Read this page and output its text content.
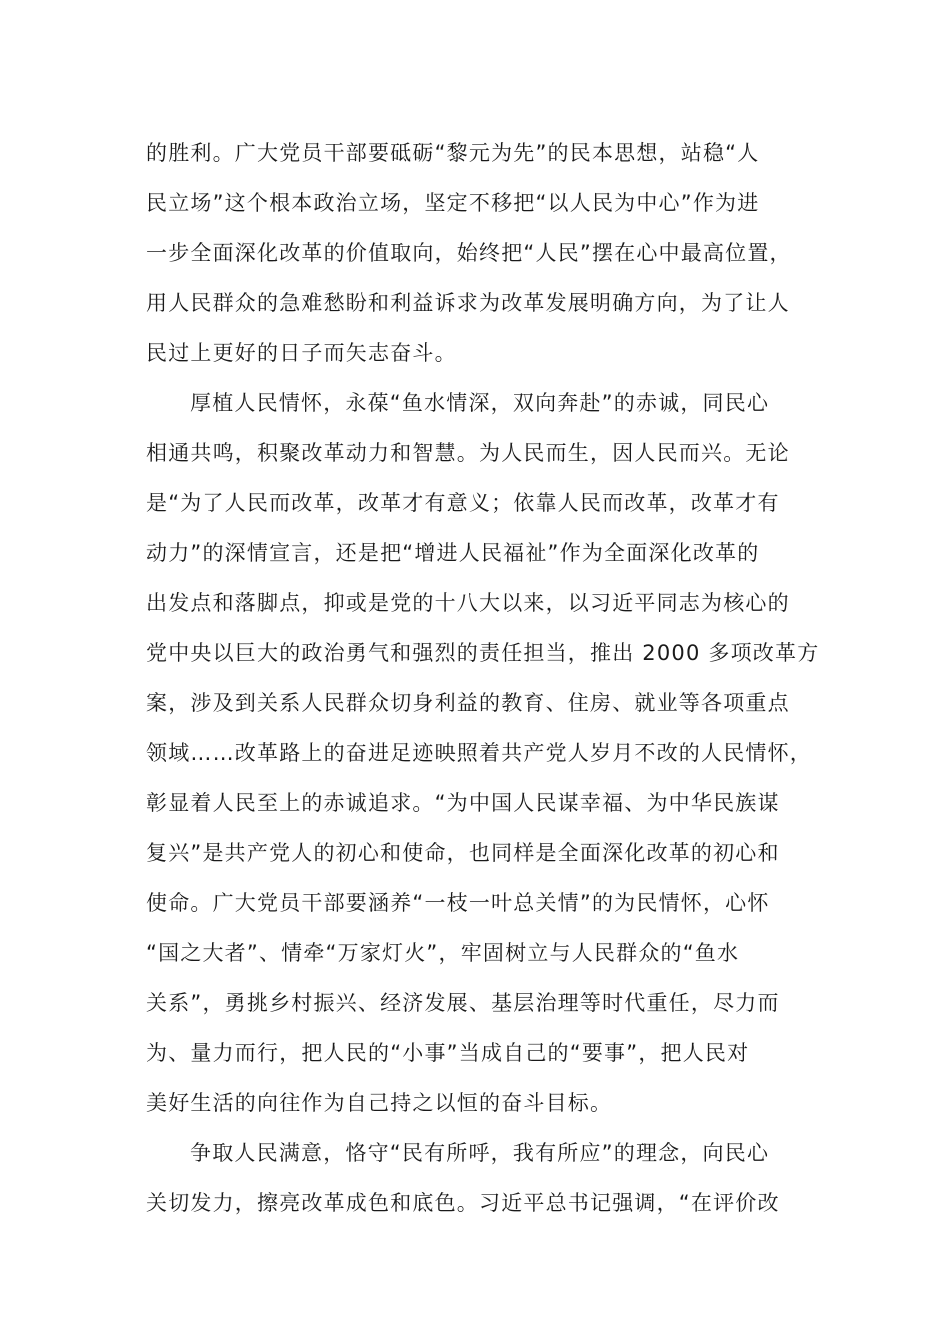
的胜利。广大党员干部要砥砺“黎元为先”的民本思想，站稳“人
民立场”这个根本政治立场，坚定不移把“以人民为中心”作为进
一步全面深化改革的价值取向，始终把“人民”摆在心中最高位置，
用人民群众的急难愁盼和利益诉求为改革发展明确方向，为了让人
民过上更好的日子而矢志奋斗。
厚植人民情怀，永葆“鱼水情深，双向奔赴”的赤诚，同民心
相通共鸣，积聚改革动力和智慧。为人民而生，因人民而兴。无论
是“为了人民而改革，改革才有意义；依靠人民而改革，改革才有
动力”的深情宣言，还是把“增进人民福祉”作为全面深化改革的
出发点和落脚点，抑或是党的十八大以来，以习近平同志为核心的
党中央以巨大的政治勇气和强烈的责任担当，推出 2000 多项改革方
案，涉及到关系人民群众切身利益的教育、住房、就业等各项重点
领域……改革路上的奋进足迹映照着共产党人岁月不改的人民情怀，
彰显着人民至上的赤诚追求。“为中国人民谋幸福、为中华民族谋
复兴”是共产党人的初心和使命，也同样是全面深化改革的初心和
使命。广大党员干部要涵养“一枝一叶总关情”的为民情怀，心怀
“国之大者”、情牵“万家灯火”，牢固树立与人民群众的“鱼水
关系”，勇挑乡村振兴、经济发展、基层治理等时代重任，尽力而
为、量力而行，把人民的“小事”当成自己的“要事”，把人民对
美好生活的向往作为自己持之以恒的奋斗目标。
争取人民满意，恪守“民有所呼，我有所应”的理念，向民心
关切发力，擦亮改革成色和底色。习近平总书记强调，“在评价改
